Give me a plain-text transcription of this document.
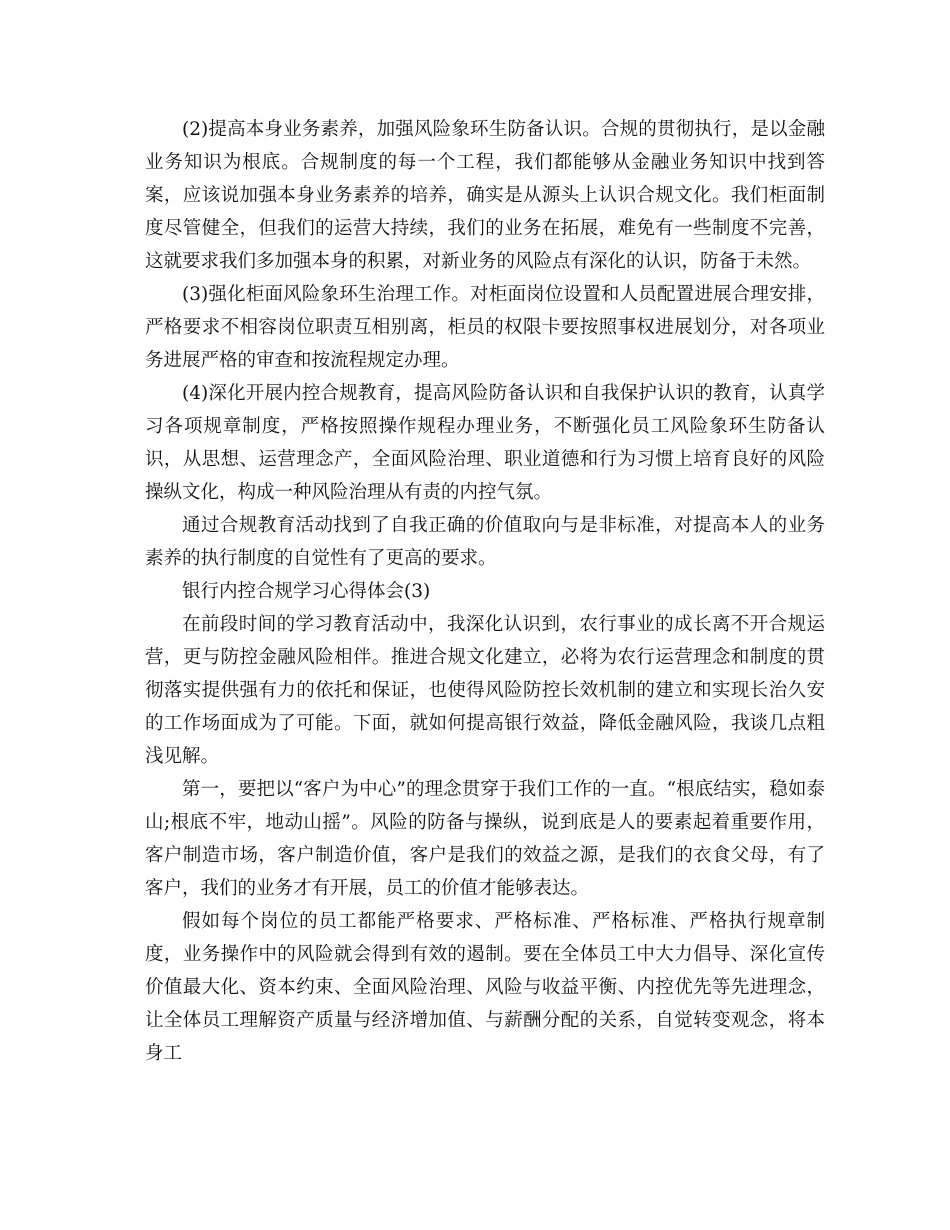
(2)提高本身业务素养，加强风险象环生防备认识。合规的贯彻执行，是以金融业务知识为根底。合规制度的每一个工程，我们都能够从金融业务知识中找到答案，应该说加强本身业务素养的培养，确实是从源头上认识合规文化。我们柜面制度尽管健全，但我们的运营大持续，我们的业务在拓展，难免有一些制度不完善，这就要求我们多加强本身的积累，对新业务的风险点有深化的认识，防备于未然。

(3)强化柜面风险象环生治理工作。对柜面岗位设置和人员配置进展合理安排，严格要求不相容岗位职责互相别离，柜员的权限卡要按照事权进展划分，对各项业务进展严格的审查和按流程规定办理。

(4)深化开展内控合规教育，提高风险防备认识和自我保护认识的教育，认真学习各项规章制度，严格按照操作规程办理业务，不断强化员工风险象环生防备认识，从思想、运营理念产，全面风险治理、职业道德和行为习惯上培育良好的风险操纵文化，构成一种风险治理从有责的内控气氛。

通过合规教育活动找到了自我正确的价值取向与是非标准，对提高本人的业务素养的执行制度的自觉性有了更高的要求。

银行内控合规学习心得体会(3)

在前段时间的学习教育活动中，我深化认识到，农行事业的成长离不开合规运营，更与防控金融风险相伴。推进合规文化建立，必将为农行运营理念和制度的贯彻落实提供强有力的依托和保证，也使得风险防控长效机制的建立和实现长治久安的工作场面成为了可能。下面，就如何提高银行效益，降低金融风险，我谈几点粗浅见解。

第一，要把以“客户为中心”的理念贯穿于我们工作的一直。“根底结实，稳如泰山;根底不牢，地动山摇”。风险的防备与操纵，说到底是人的要素起着重要作用，客户制造市场，客户制造价值，客户是我们的效益之源，是我们的衣食父母，有了客户，我们的业务才有开展，员工的价值才能够表达。

假如每个岗位的员工都能严格要求、严格标准、严格标准、严格执行规章制度，业务操作中的风险就会得到有效的遏制。要在全体员工中大力倡导、深化宣传价值最大化、资本约束、全面风险治理、风险与收益平衡、内控优先等先进理念，让全体员工理解资产质量与经济增加值、与薪酬分配的关系，自觉转变观念，将本身工
